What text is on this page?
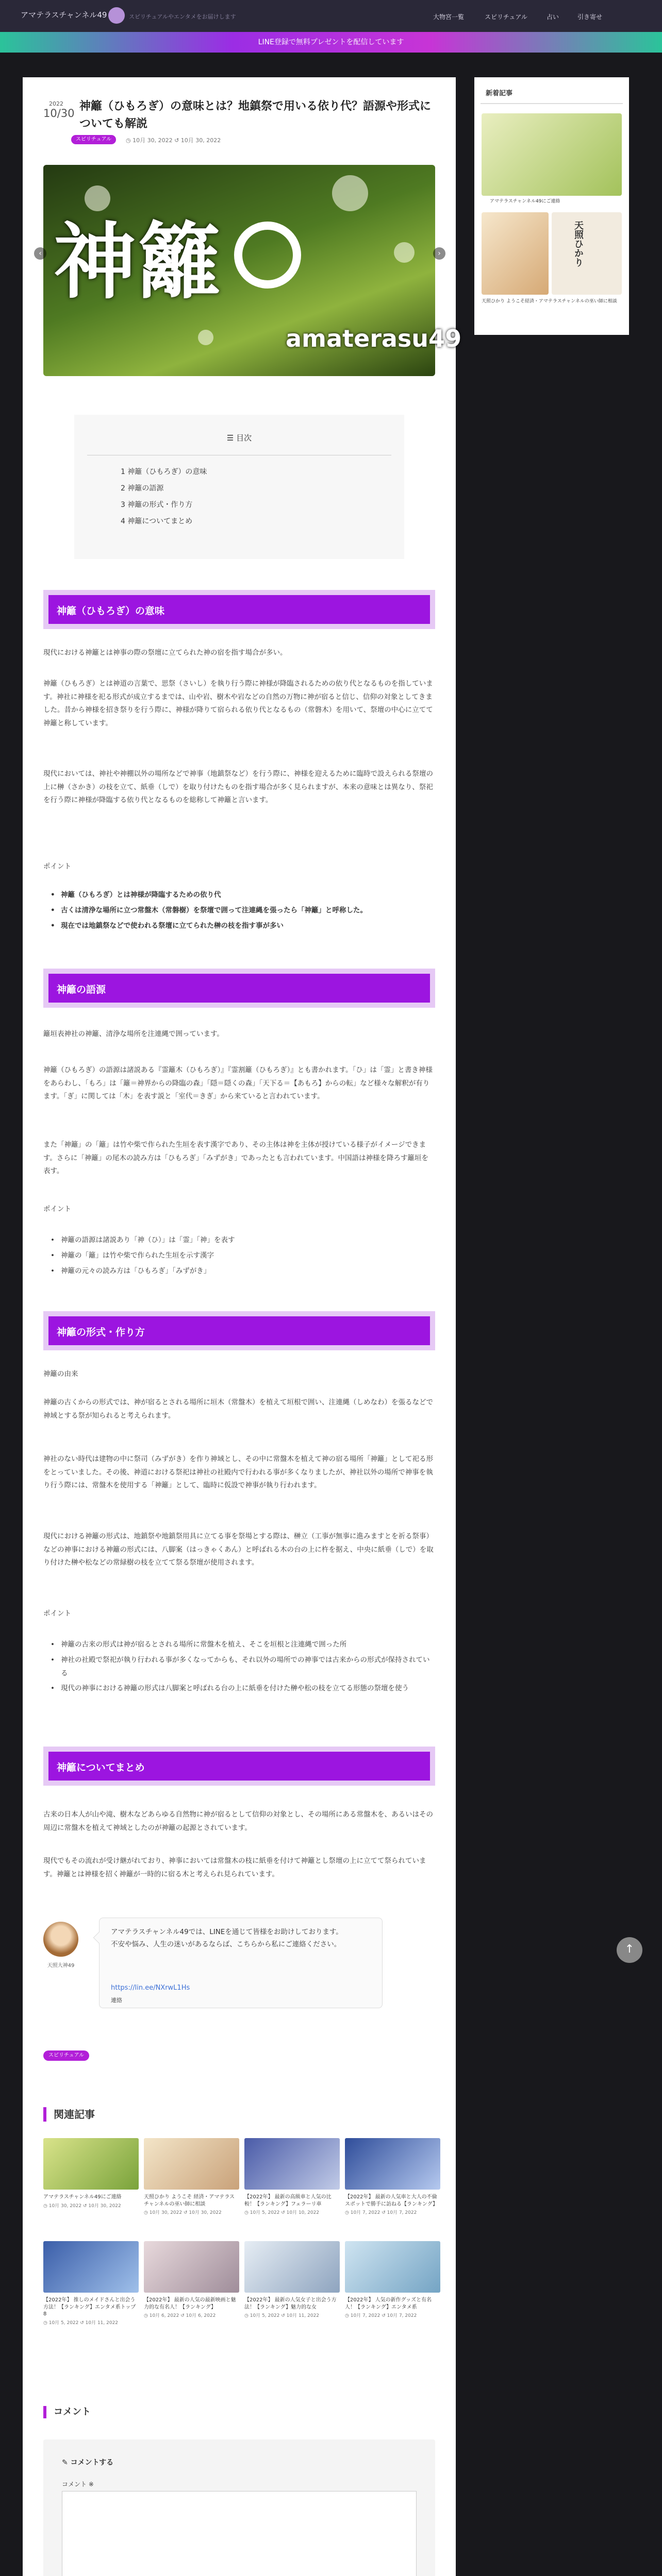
アマテラスチャンネル49	スピリチュアルやエンタメをお届けします	大物宮一覧	スピリチュアル	占い	引き寄せ
LINE登録で無料プレゼントを配信しています
2022
10/30
神籬（ひもろぎ）の意味とは？地鎮祭で用いる依り代？語源や形式についても解説
スピリチュアル	◷ 10月 30, 2022 ↺ 10月 30, 2022
神籬
amaterasu49
‹	›
☰ 目次
1 神籬（ひもろぎ）の意味
2 神籬の語源
3 神籬の形式・作り方
4 神籬についてまとめ
神籬（ひもろぎ）の意味
現代における神籬とは神事の際の祭壇に立てられた神の宿を指す場合が多い。
神籬（ひもろぎ）とは神道の言葉で、思祭（さいし）を執り行う際に神様が降臨されるための依り代となるものを指しています。神社に神様を祀る形式が成立するまでは、山や岩、樹木や岩などの自然の万物に神が宿ると信じ、信仰の対象としてきました。昔から神様を招き祭りを行う際に、神様が降りて宿られる依り代となるもの（常磐木）を用いて、祭壇の中心に立てて神籬と称しています。
現代においては、神社や神棚以外の場所などで神事（地鎮祭など）を行う際に、神様を迎えるために臨時で設えられる祭壇の上に榊（さかき）の枝を立て、紙垂（しで）を取り付けたものを指す場合が多く見られますが、本来の意味とは異なり、祭祀を行う際に神様が降臨する依り代となるものを総称して神籬と言います。
ポイント
• 神籬（ひもろぎ）とは神様が降臨するための依り代
• 古くは清浄な場所に立つ常盤木（常磐樹）を祭壇で囲って注連縄を張ったら「神籬」と呼称した。
• 現在では地鎮祭などで使われる祭壇に立てられた榊の枝を指す事が多い
神籬の語源
籬垣表神社の神籬、清浄な場所を注連縄で囲っています。
神籬（ひもろぎ）の語源は諸説ある『霊籬木（ひもろぎ）』『霊割籬（ひもろぎ）』とも書かれます。「ひ」は「霊」と書き神様をあらわし、「もろ」は「籬＝神界からの降臨の森」「隠＝隠くの森」「天下る＝【あもろ】からの転」など様々な解釈が有ります。「ぎ」に関しては「木」を表す説と「室代＝きぎ」から来ていると言われています。
また「神籬」の「籬」は竹や柴で作られた生垣を表す漢字であり、その主体は神を主体が授けている様子がイメージできます。さらに「神籬」の尾木の読み方は「ひもろぎ」「みずがき」であったとも言われています。中国語は神様を降ろす籬垣を表す。
ポイント
• 神籬の語源は諸説あり「神（ひ）」は「霊」「神」を表す
• 神籬の「籬」は竹や柴で作られた生垣を示す漢字
• 神籬の元々の読み方は「ひもろぎ」「みずがき」
神籬の形式・作り方
神籬の由来
神籬の古くからの形式では、神が宿るとされる場所に垣木（常盤木）を植えて垣根で囲い、注連縄（しめなわ）を張るなどで神域とする祭が知られると考えられます。
神社のない時代は建物の中に祭司（みずがき）を作り神域とし、その中に常盤木を植えて神の宿る場所「神籬」として祀る形をとっていました。その後、神道における祭祀は神社の社殿内で行われる事が多くなりましたが、神社以外の場所で神事を執り行う際には、常盤木を使用する「神籬」として、臨時に仮設で神事が執り行われます。
現代における神籬の形式は、地鎮祭や地鎮祭用具に立てる事を祭場とする際は、榊立（工事が無事に進みますとを祈る祭事）などの神事における神籬の形式には、八脚案（はっきゃくあん）と呼ばれる木の台の上に杵を据え、中央に紙垂（しで）を取り付けた榊や松などの常緑樹の枝を立てて祭る祭壇が使用されます。
ポイント
• 神籬の古来の形式は神が宿るとされる場所に常盤木を植え、そこを垣根と注連縄で囲った所
• 神社の社殿で祭祀が執り行われる事が多くなってからも、それ以外の場所での神事では古来からの形式が保持されている
• 現代の神事における神籬の形式は八脚案と呼ばれる台の上に紙垂を付けた榊や松の枝を立てる形態の祭壇を使う
神籬についてまとめ
古来の日本人が山や滝、樹木などあらゆる自然物に神が宿るとして信仰の対象とし、その場所にある常盤木を、あるいはその周辺に常盤木を植えて神域としたのが神籬の起源とされています。
現代でもその流れが受け継がれており、神事においては常盤木の枝に紙垂を付けて神籬とし祭壇の上に立てて祭られています。神籬とは神様を招く神籬が一時的に宿る木と考えられ見られています。
天照大神49
アマテラスチャンネル49では、LINEを通じて皆様をお助けしております。
不安や悩み、人生の迷いがあるならば、こちらから私にご連絡ください。
https://lin.ee/NXrwL1Hs
連絡
スピリチュアル
関連記事
アマテラスチャンネル49にご連絡
◷ 10月 30, 2022 ↺ 10月 30, 2022
天照ひかり ようこそ 経済・アマテラスチャンネルの巫い師に相談
◷ 10月 30, 2022 ↺ 10月 30, 2022
【2022年】 最新の高級車と人気の比較！【ランキング】フェラーリ車
◷ 10月 5, 2022 ↺ 10月 10, 2022
【2022年】 最新の人気車と大人の不倫スポットで勝手に訪ねる【ランキング】
◷ 10月 7, 2022 ↺ 10月 7, 2022
【2022年】 推しのメイドさんと出会う方法！【ランキング】エンタメ系トップ8
◷ 10月 5, 2022 ↺ 10月 11, 2022
【2022年】 最新の人気の最新映画と魅力的な有名人！【ランキング】
◷ 10月 6, 2022 ↺ 10月 6, 2022
【2022年】 最新の人気女子と出会う方法！【ランキング】魅力的な女
◷ 10月 5, 2022 ↺ 10月 11, 2022
【2022年】 人気の新作グッズと有名人！【ランキング】エンタメ系
◷ 10月 7, 2022 ↺ 10月 7, 2022
コメント
✎ コメントする
コメント ※
新着記事
アマテラスチャンネル49にご連絡
天照ひかり
天照ひかり ようこそ経済・アマテラスチャンネルの巫い師に相談
↑
